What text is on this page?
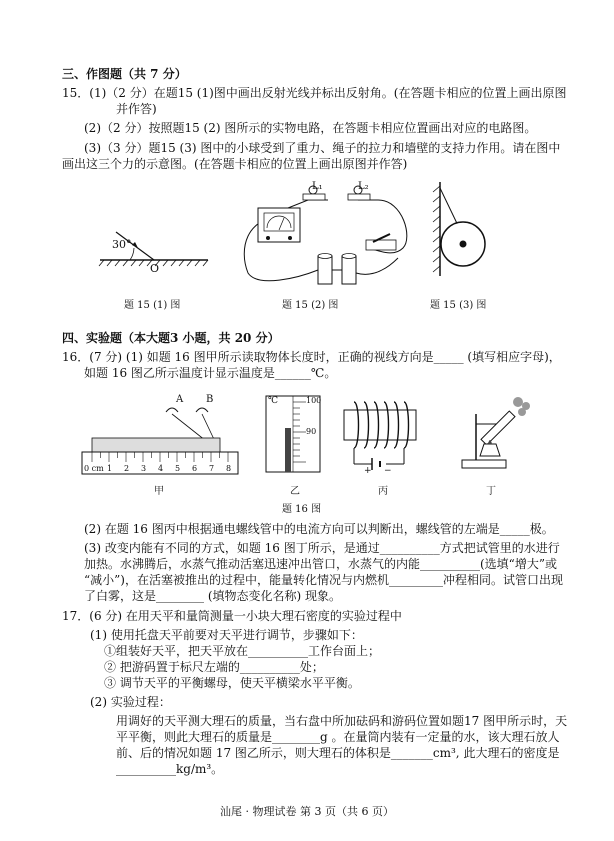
三、作图题（共 7 分）
15．(1)（2 分）在题15 (1)图中画出反射光线并标出反射角。(在答题卡相应的位置上画出原图
并作答)
(2)（2 分）按照题15 (2) 图所示的实物电路，在答题卡相应位置画出对应的电路图。
(3)（3 分）题15 (3) 图中的小球受到了重力、绳子的拉力和墙壁的支持力作用。请在图中
画出这三个力的示意图。(在答题卡相应的位置上画出原图并作答)
30°
O
题 15 (1) 图
L₁	L₂
题 15 (2) 图	题 15 (3) 图
四、实验题（本大题3 小题，共 20 分）
16．(7 分) (1) 如题 16 图甲所示读取物体长度时，正确的视线方向是_____ (填写相应字母)，
如题 16 图乙所示温度计显示温度是______℃。
A B
0 cm 1 2 3 4 5 6 7 8
甲
℃	100
90
乙
+ −
丙	丁
题 16 图
(2) 在题 16 图丙中根据通电螺线管中的电流方向可以判断出，螺线管的左端是_____极。
(3) 改变内能有不同的方式，如题 16 图丁所示，是通过__________方式把试管里的水进行
加热。水沸腾后，水蒸气推动活塞迅速冲出管口，水蒸气的内能__________(选填“增大”或
“减小”)，在活塞被推出的过程中，能量转化情况与内燃机_________冲程相同。试管口出现
了白雾，这是________ (填物态变化名称) 现象。
17．(6 分) 在用天平和量筒测量一小块大理石密度的实验过程中
(1) 使用托盘天平前要对天平进行调节，步骤如下：
①组装好天平，把天平放在__________工作台面上；
② 把游码置于标尺左端的__________处；
③ 调节天平的平衡螺母，使天平横梁水平平衡。
(2) 实验过程：
用调好的天平测大理石的质量，当右盘中所加砝码和游码位置如题17 图甲所示时，天
平平衡，则此大理石的质量是________g 。在量筒内装有一定量的水，该大理石放人
前、后的情况如题 17 图乙所示，则大理石的体积是_______cm³, 此大理石的密度是
__________kg/m³。
汕尾 · 物理试卷 第 3 页（共 6 页）
